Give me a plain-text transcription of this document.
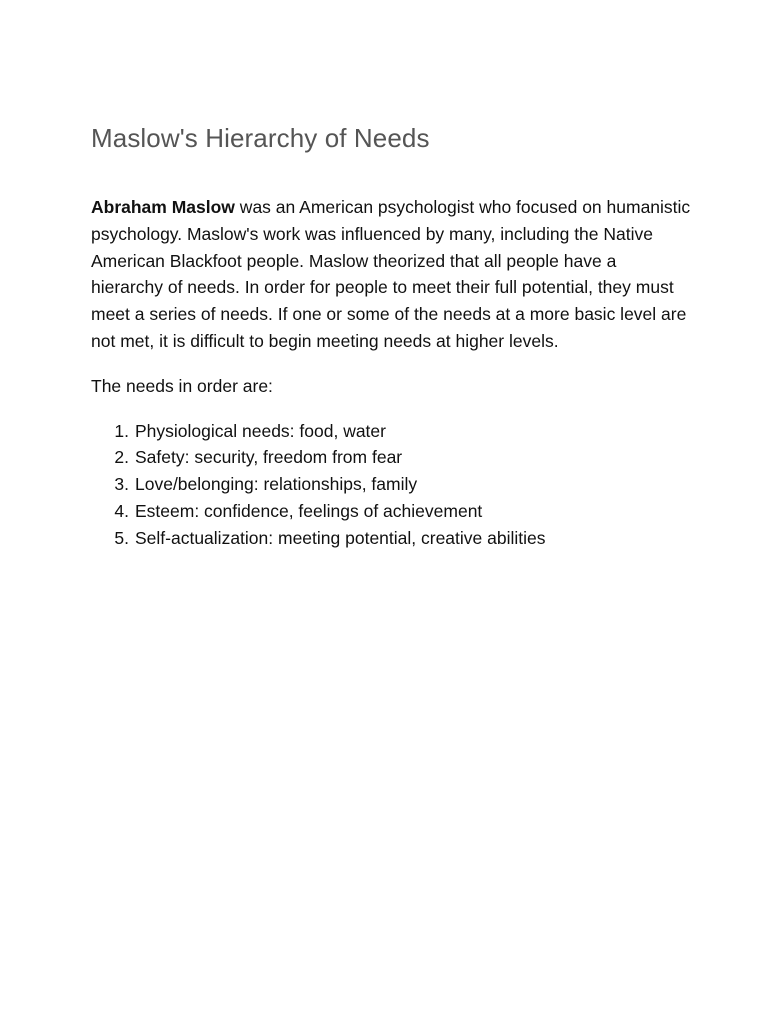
Maslow's Hierarchy of Needs

Abraham Maslow was an American psychologist who focused on humanistic psychology. Maslow's work was influenced by many, including the Native American Blackfoot people. Maslow theorized that all people have a hierarchy of needs. In order for people to meet their full potential, they must meet a series of needs. If one or some of the needs at a more basic level are not met, it is difficult to begin meeting needs at higher levels.

The needs in order are:

1. Physiological needs: food, water
2. Safety: security, freedom from fear
3. Love/belonging: relationships, family
4. Esteem: confidence, feelings of achievement
5. Self-actualization: meeting potential, creative abilities
